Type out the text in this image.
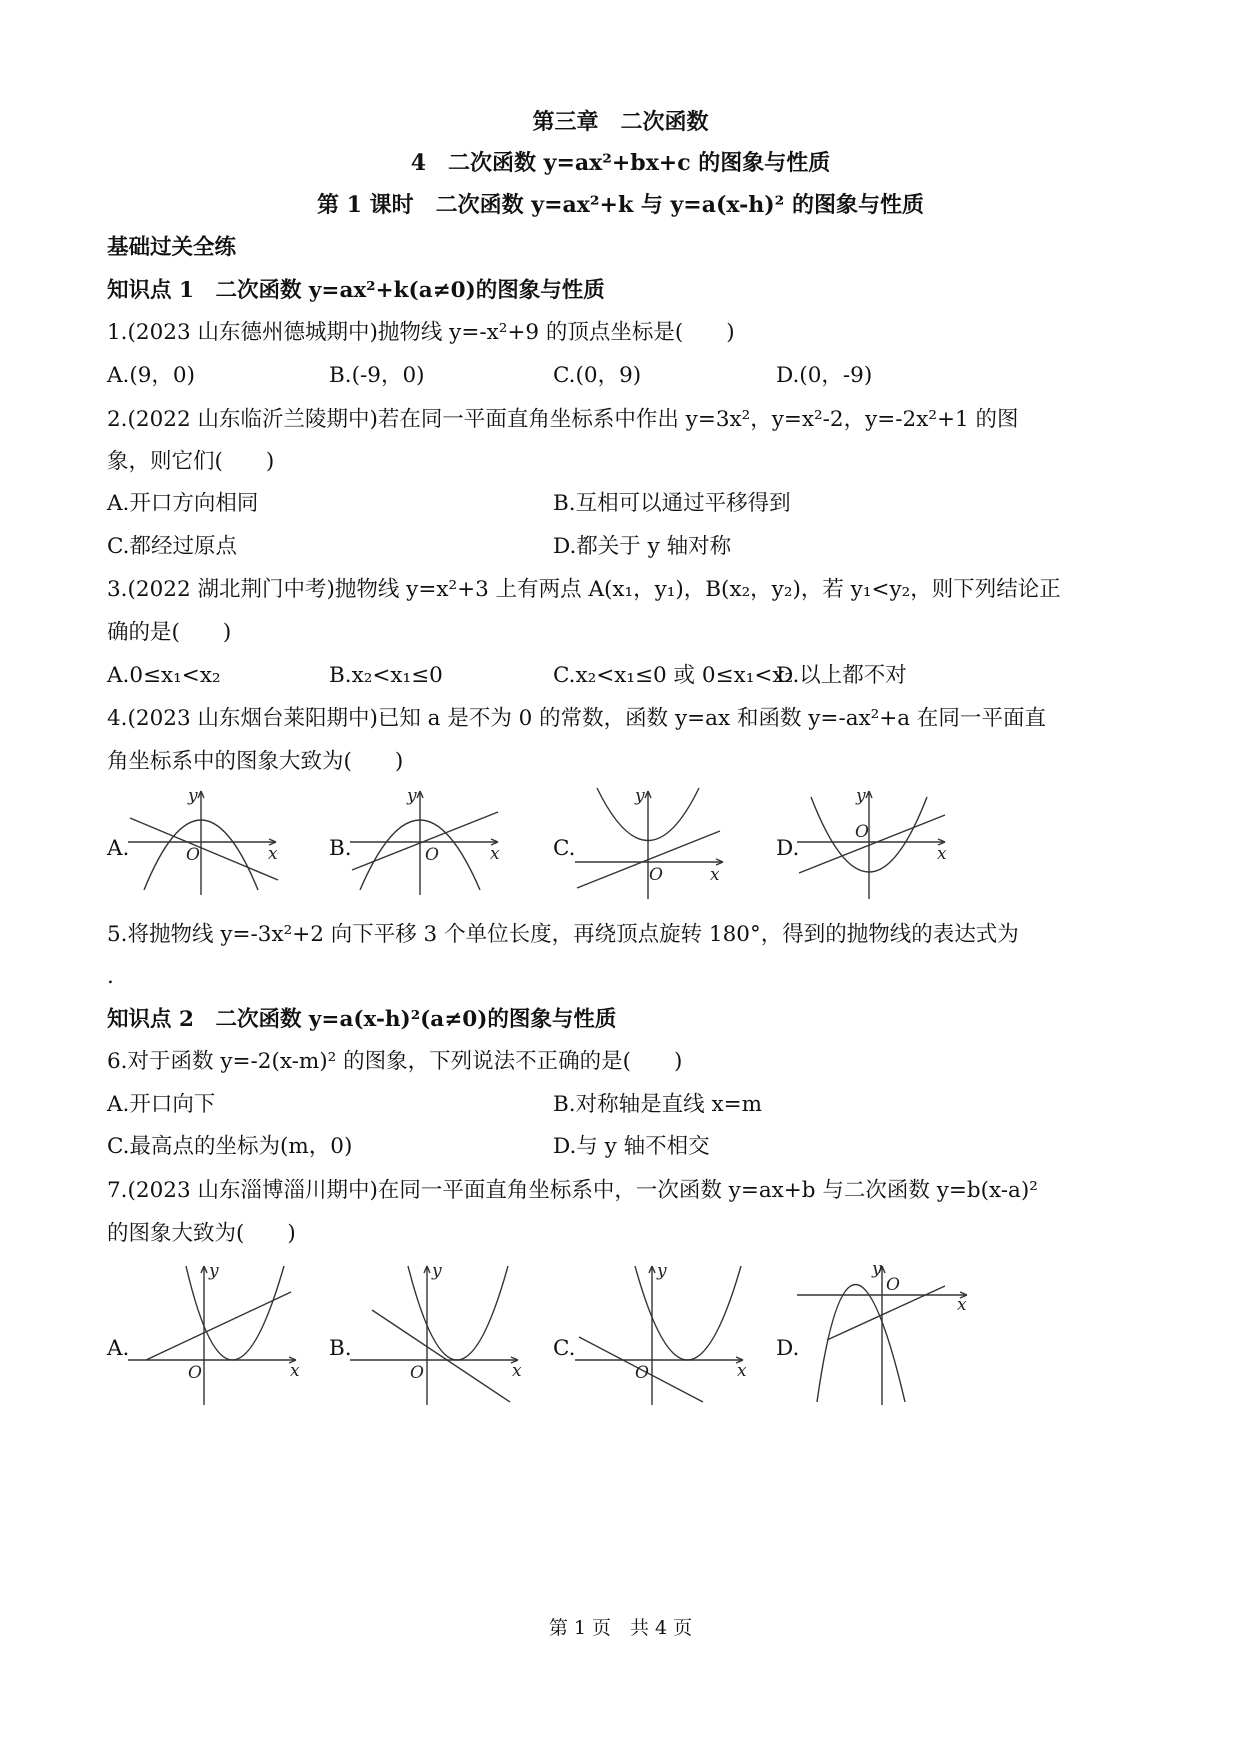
第三章　二次函数
4　二次函数 y=ax²+bx+c 的图象与性质
第 1 课时　二次函数 y=ax²+k 与 y=a(x-h)² 的图象与性质
基础过关全练
知识点 1　二次函数 y=ax²+k(a≠0)的图象与性质
1.(2023 山东德州德城期中)抛物线 y=-x²+9 的顶点坐标是(　　)
A.(9，0)	B.(-9，0)	C.(0，9)	D.(0，-9)
2.(2022 山东临沂兰陵期中)若在同一平面直角坐标系中作出 y=3x²，y=x²-2，y=-2x²+1 的图
象，则它们(　　)
A.开口方向相同	B.互相可以通过平移得到
C.都经过原点	D.都关于 y 轴对称
3.(2022 湖北荆门中考)抛物线 y=x²+3 上有两点 A(x₁，y₁)，B(x₂，y₂)，若 y₁<y₂，则下列结论正
确的是(　　)
A.0≤x₁<x₂	B.x₂<x₁≤0	C.x₂<x₁≤0 或 0≤x₁<x₂
D.以上都不对
4.(2023 山东烟台莱阳期中)已知 a 是不为 0 的常数，函数 y=ax 和函数 y=-ax²+a 在同一平面直
角坐标系中的图象大致为(　　)
A.	x
y
O	B.	x
y
O	C.
x
y
O
D.	x
y
O
5.将抛物线 y=-3x²+2 向下平移 3 个单位长度，再绕顶点旋转 180°，得到的抛物线的表达式为
.
知识点 2　二次函数 y=a(x-h)²(a≠0)的图象与性质
6.对于函数 y=-2(x-m)² 的图象，下列说法不正确的是(　　)
A.开口向下	B.对称轴是直线 x=m
C.最高点的坐标为(m，0)	D.与 y 轴不相交
7.(2023 山东淄博淄川期中)在同一平面直角坐标系中，一次函数 y=ax+b 与二次函数 y=b(x-a)²
的图象大致为(　　)
A.
x
y
O
B.
x
y
O
C.
x
y
O
D.
x
y
O
第 1 页　共 4 页
